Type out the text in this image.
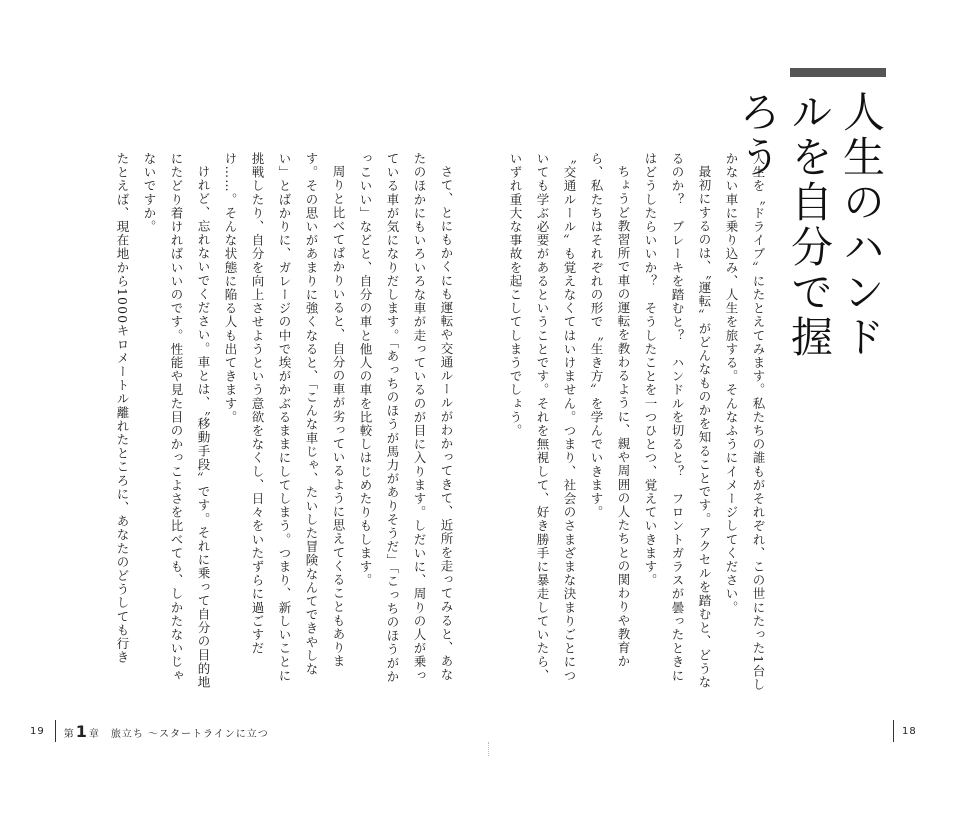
人生のハンドルを自分で握ろう

人生を〝ドライブ〟にたとえてみます。私たちの誰もがそれぞれ、この世にたった1台しかない車に乗り込み、人生を旅する。そんなふうにイメージしてください。

最初にするのは、〝運転〟がどんなものかを知ることです。アクセルを踏むと、どうなるのか？　ブレーキを踏むと？　ハンドルを切ると？　フロントガラスが曇ったときにはどうしたらいいか？　そうしたことを一つひとつ、覚えていきます。

ちょうど教習所で車の運転を教わるように、親や周囲の人たちとの関わりや教育から、私たちはそれぞれの形で〝生き方〟を学んでいきます。

〝交通ルール〟も覚えなくてはいけません。つまり、社会のさまざまな決まりごとについても学ぶ必要があるということです。それを無視して、好き勝手に暴走していたら、いずれ重大な事故を起こしてしまうでしょう。

さて、とにもかくにも運転や交通ルールがわかってきて、近所を走ってみると、あなたのほかにもいろいろな車が走っているのが目に入ります。しだいに、周りの人が乗っている車が気になりだします。「あっちのほうが馬力がありそうだ」「こっちのほうがかっこいい」などと、自分の車と他人の車を比較しはじめたりもします。

周りと比べてばかりいると、自分の車が劣っているように思えてくることもあります。その思いがあまりに強くなると、「こんな車じゃ、たいした冒険なんてできやしない」とばかりに、ガレージの中で埃がかぶるままにしてしまう。つまり、新しいことに挑戦したり、自分を向上させようという意欲をなくし、日々をいたずらに過ごすだけ……。そんな状態に陥る人も出てきます。

けれど、忘れないでください。車とは、〝移動手段〟です。それに乗って自分の目的地にたどり着ければいいのです。性能や見た目のかっこよさを比べても、しかたないじゃないですか。

たとえば、現在地から1000キロメートル離れたところに、あなたのどうしても行き

19 第1章　旅立ち 〜スタートラインに立つ	18
